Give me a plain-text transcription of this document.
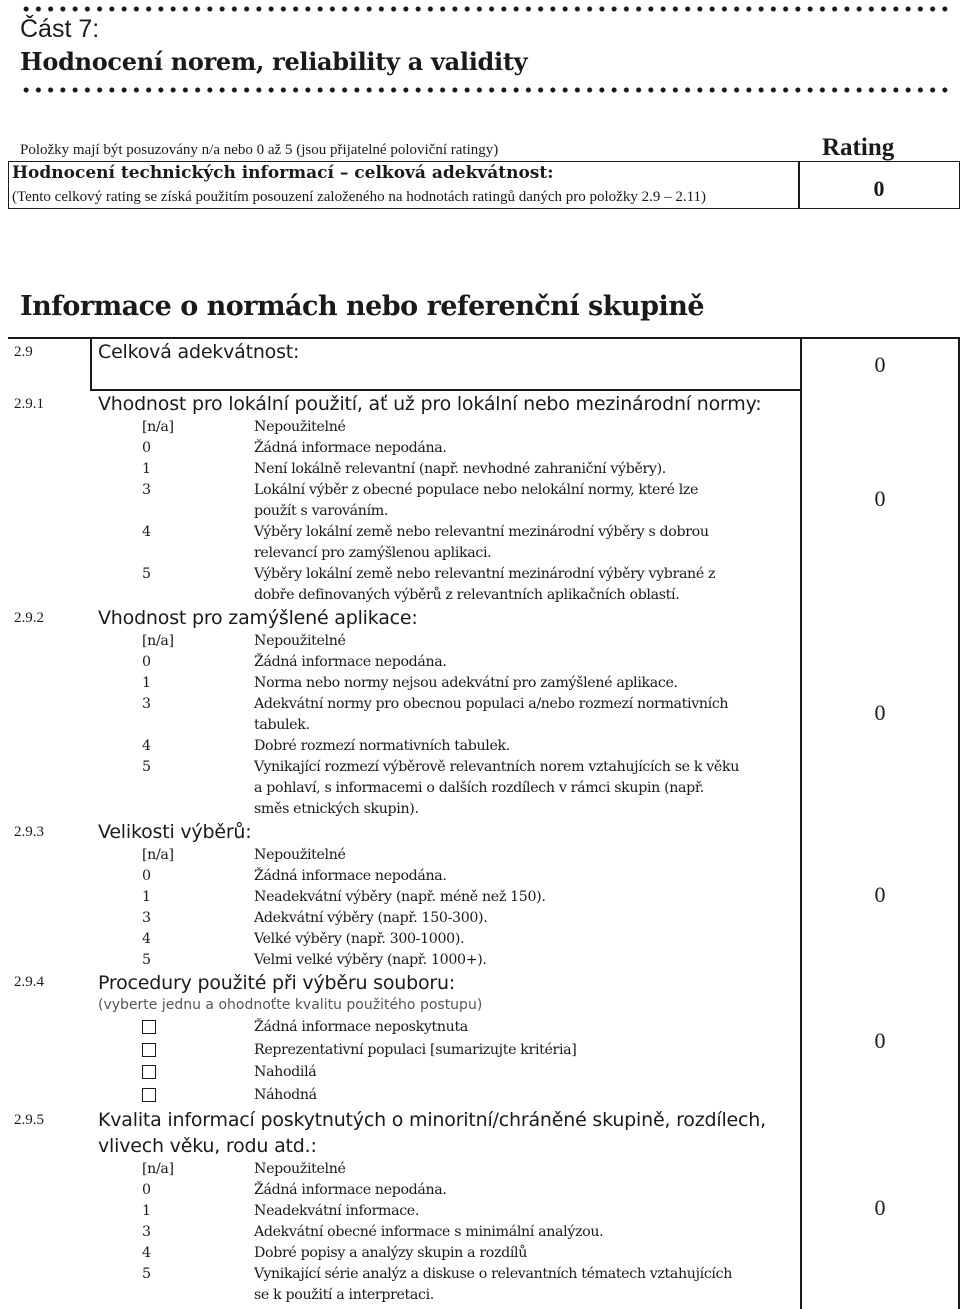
Část 7:
Hodnocení norem, reliability a validity
Položky mají být posuzovány n/a nebo 0 až 5 (jsou přijatelné poloviční ratingy)	Rating
Hodnocení technických informací – celková adekvátnost:
(Tento celkový rating se získá použitím posouzení založeného na hodnotách ratingů daných pro položky 2.9 – 2.11)	0
Informace o normách nebo referenční skupině
2.9	Celková adekvátnost:	0
2.9.1	Vhodnost pro lokální použití, ať už pro lokální nebo mezinárodní normy:
[n/a]	Nepoužitelné
0	Žádná informace nepodána.
1	Není lokálně relevantní (např. nevhodné zahraniční výběry).
3	Lokální výběr z obecné populace nebo nelokální normy, které lze
použít s varováním.
4	Výběry lokální země nebo relevantní mezinárodní výběry s dobrou
relevancí pro zamýšlenou aplikaci.
5	Výběry lokální země nebo relevantní mezinárodní výběry vybrané z
dobře definovaných výběrů z relevantních aplikačních oblastí.
0
2.9.2	Vhodnost pro zamýšlené aplikace:
[n/a]	Nepoužitelné
0	Žádná informace nepodána.
1	Norma nebo normy nejsou adekvátní pro zamýšlené aplikace.
3	Adekvátní normy pro obecnou populaci a/nebo rozmezí normativních
tabulek.
4	Dobré rozmezí normativních tabulek.
5	Vynikající rozmezí výběrově relevantních norem vztahujících se k věku
a pohlaví, s informacemi o dalších rozdílech v rámci skupin (např.
směs etnických skupin).
0
2.9.3	Velikosti výběrů:
[n/a]	Nepoužitelné
0	Žádná informace nepodána.
1	Neadekvátní výběry (např. méně než 150).
3	Adekvátní výběry (např. 150-300).
4	Velké výběry (např. 300-1000).
5	Velmi velké výběry (např. 1000+).
0
2.9.4	Procedury použité při výběru souboru:
(vyberte jednu a ohodnoťte kvalitu použitého postupu)
Žádná informace neposkytnuta
Reprezentativní populaci [sumarizujte kritéria]
Nahodilá
Náhodná
0
2.9.5	Kvalita informací poskytnutých o minoritní/chráněné skupině, rozdílech,
vlivech věku, rodu atd.:
[n/a]	Nepoužitelné
0	Žádná informace nepodána.
1	Neadekvátní informace.
3	Adekvátní obecné informace s minimální analýzou.
4	Dobré popisy a analýzy skupin a rozdílů
5	Vynikající série analýz a diskuse o relevantních tématech vztahujících
se k použití a interpretaci.
0
